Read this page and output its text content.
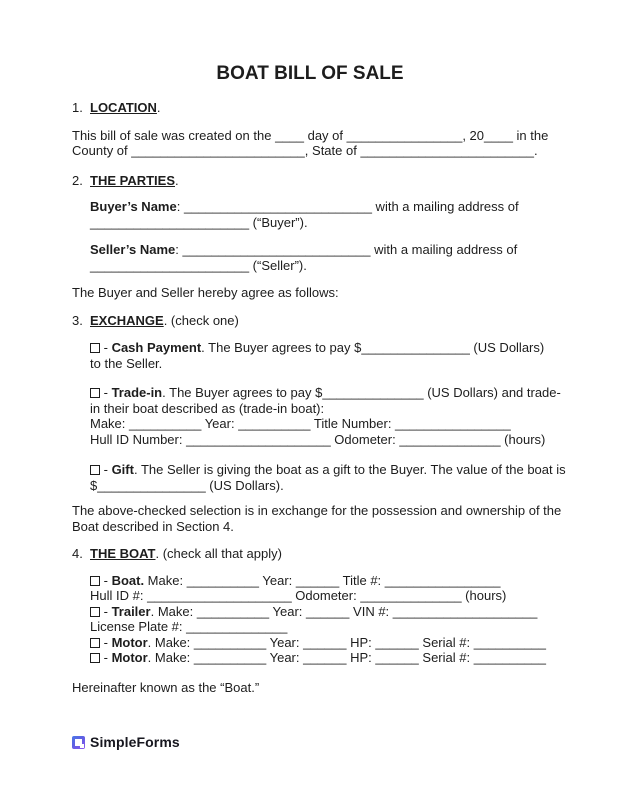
BOAT BILL OF SALE
1. LOCATION.
This bill of sale was created on the ____ day of ________________, 20____ in the
County of ________________________, State of ________________________.
2. THE PARTIES.
Buyer’s Name: __________________________ with a mailing address of
______________________ (“Buyer”).
Seller’s Name: __________________________ with a mailing address of
______________________ (“Seller”).
The Buyer and Seller hereby agree as follows:
3. EXCHANGE. (check one)
- Cash Payment. The Buyer agrees to pay $_______________ (US Dollars)
to the Seller.
- Trade-in. The Buyer agrees to pay $______________ (US Dollars) and trade-
in their boat described as (trade-in boat):
Make: __________ Year: __________ Title Number: ________________
Hull ID Number: ____________________ Odometer: ______________ (hours)
- Gift. The Seller is giving the boat as a gift to the Buyer. The value of the boat is
$_______________ (US Dollars).
The above-checked selection is in exchange for the possession and ownership of the
Boat described in Section 4.
4. THE BOAT. (check all that apply)
- Boat. Make: __________ Year: ______ Title #: ________________
Hull ID #: ____________________ Odometer: ______________ (hours)
- Trailer. Make: __________ Year: ______ VIN #: ____________________
License Plate #: ______________
- Motor. Make: __________ Year: ______ HP: ______ Serial #: __________
- Motor. Make: __________ Year: ______ HP: ______ Serial #: __________
Hereinafter known as the “Boat.”
SimpleForms
